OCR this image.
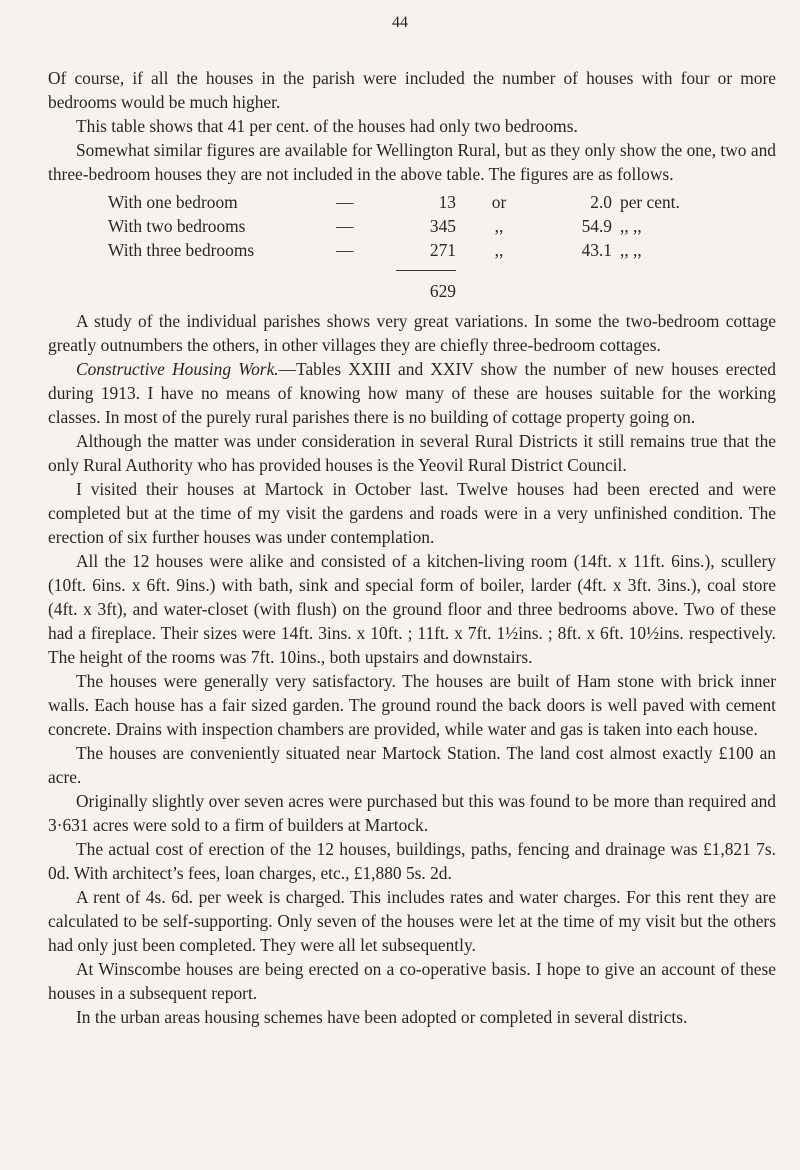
44

Of course, if all the houses in the parish were included the number of houses with four or more bedrooms would be much higher.

This table shows that 41 per cent. of the houses had only two bedrooms.

Somewhat similar figures are available for Wellington Rural, but as they only show the one, two and three-bedroom houses they are not included in the above table. The figures are as follows.

With one bedroom	—	13	or	2.0 per cent.
With two bedrooms	—	345	,,	54.9 ,, ,,
With three bedrooms	—	271	,,	43.1 ,, ,,
629

A study of the individual parishes shows very great variations. In some the two-bedroom cottage greatly outnumbers the others, in other villages they are chiefly three-bedroom cottages.

Constructive Housing Work.—Tables XXIII and XXIV show the number of new houses erected during 1913. I have no means of knowing how many of these are houses suitable for the working classes. In most of the purely rural parishes there is no building of cottage property going on.

Although the matter was under consideration in several Rural Districts it still remains true that the only Rural Authority who has provided houses is the Yeovil Rural District Council.

I visited their houses at Martock in October last. Twelve houses had been erected and were completed but at the time of my visit the gardens and roads were in a very unfinished condition. The erection of six further houses was under contemplation.

All the 12 houses were alike and consisted of a kitchen-living room (14ft. x 11ft. 6ins.), scullery (10ft. 6ins. x 6ft. 9ins.) with bath, sink and special form of boiler, larder (4ft. x 3ft. 3ins.), coal store (4ft. x 3ft), and water-closet (with flush) on the ground floor and three bedrooms above. Two of these had a fireplace. Their sizes were 14ft. 3ins. x 10ft. ; 11ft. x 7ft. 1½ins. ; 8ft. x 6ft. 10½ins. respectively. The height of the rooms was 7ft. 10ins., both upstairs and downstairs.

The houses were generally very satisfactory. The houses are built of Ham stone with brick inner walls. Each house has a fair sized garden. The ground round the back doors is well paved with cement concrete. Drains with inspection chambers are provided, while water and gas is taken into each house.

The houses are conveniently situated near Martock Station. The land cost almost exactly £100 an acre.

Originally slightly over seven acres were purchased but this was found to be more than required and 3·631 acres were sold to a firm of builders at Martock.

The actual cost of erection of the 12 houses, buildings, paths, fencing and drainage was £1,821 7s. 0d. With architect’s fees, loan charges, etc., £1,880 5s. 2d.

A rent of 4s. 6d. per week is charged. This includes rates and water charges. For this rent they are calculated to be self-supporting. Only seven of the houses were let at the time of my visit but the others had only just been completed. They were all let subsequently.

At Winscombe houses are being erected on a co-operative basis. I hope to give an account of these houses in a subsequent report.

In the urban areas housing schemes have been adopted or completed in several districts.
